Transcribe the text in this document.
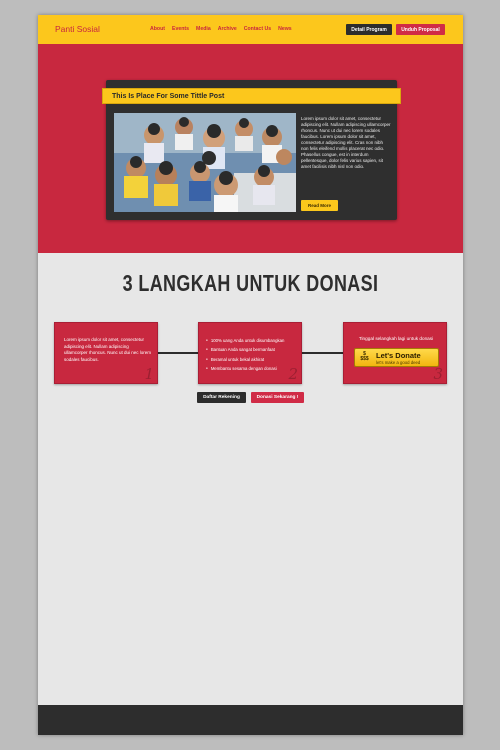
Panti Sosial	About Events Media Archive Contact Us News	Detail Program	Unduh Proposal
This Is Place For Some Tittle Post
Lorem ipsum dolor sit amet, consectetur adipiscing elit. Nullam adipiscing ullamcorper rhoncus. Nunc ut dui nec lorem sodales faucibus. Lorem ipsum dolor sit amet, consectetur adipiscing elit. Cras non nibh non felis eleifend mollis placerat nec odio. Phasellus congue, est in interdum pellentesque, dolor felis varius sapien, sit amet facilisis nibh nisl non odio.
Read More
3 LANGKAH UNTUK DONASI
Lorem ipsum dolor sit amet, consectetur adipiscing elit. Nullam adipiscing ullamcorper rhoncus. Nunc ut dui nec lorem sodales faucibus.
1
● 100% uang Anda untuk disumbangkan
● Bantuan Anda sangat bermanfaat
● Beramal untuk bekal akhirat
● Membantu sesama dengan donasi 2
Tinggal selangkah lagi untuk donasi
$ $$$ Let's Donate
let's make a good deed
3
Daftar Rekening	Donasi Sekarang !
